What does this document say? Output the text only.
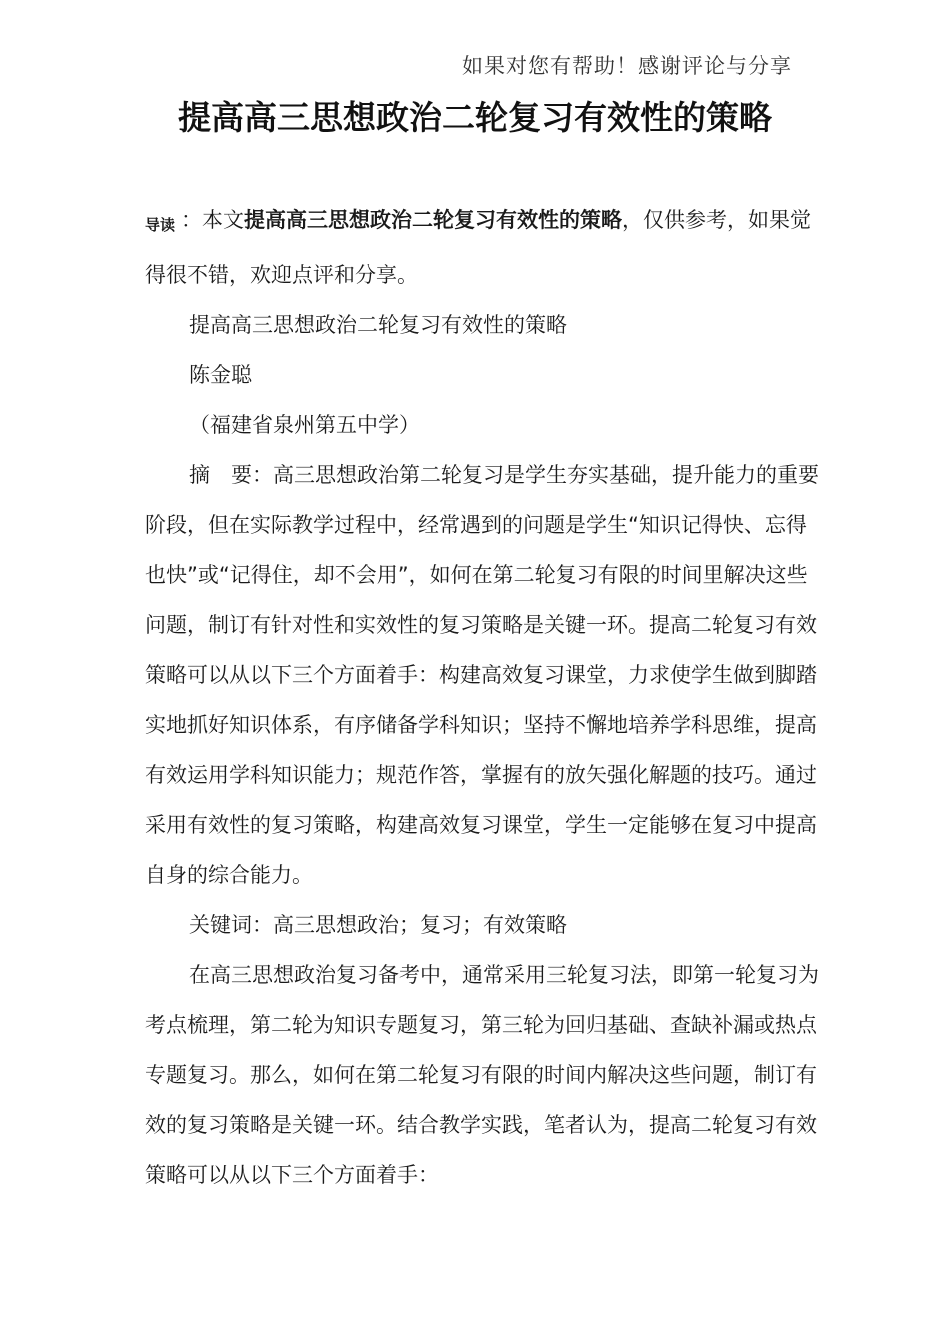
如果对您有帮助！感谢评论与分享
提高高三思想政治二轮复习有效性的策略

导读 ：本文提高高三思想政治二轮复习有效性的策略，仅供参考，如果觉得很不错，欢迎点评和分享。

提高高三思想政治二轮复习有效性的策略

陈金聪

（福建省泉州第五中学）

摘　要：高三思想政治第二轮复习是学生夯实基础，提升能力的重要阶段，但在实际教学过程中，经常遇到的问题是学生“知识记得快、忘得也快”或“记得住，却不会用”，如何在第二轮复习有限的时间里解决这些问题，制订有针对性和实效性的复习策略是关键一环。提高二轮复习有效策略可以从以下三个方面着手：构建高效复习课堂，力求使学生做到脚踏实地抓好知识体系，有序储备学科知识；坚持不懈地培养学科思维，提高有效运用学科知识能力；规范作答，掌握有的放矢强化解题的技巧。通过采用有效性的复习策略，构建高效复习课堂，学生一定能够在复习中提高自身的综合能力。

关键词：高三思想政治；复习；有效策略

在高三思想政治复习备考中，通常采用三轮复习法，即第一轮复习为考点梳理，第二轮为知识专题复习，第三轮为回归基础、查缺补漏或热点专题复习。那么，如何在第二轮复习有限的时间内解决这些问题，制订有效的复习策略是关键一环。结合教学实践，笔者认为，提高二轮复习有效策略可以从以下三个方面着手：
